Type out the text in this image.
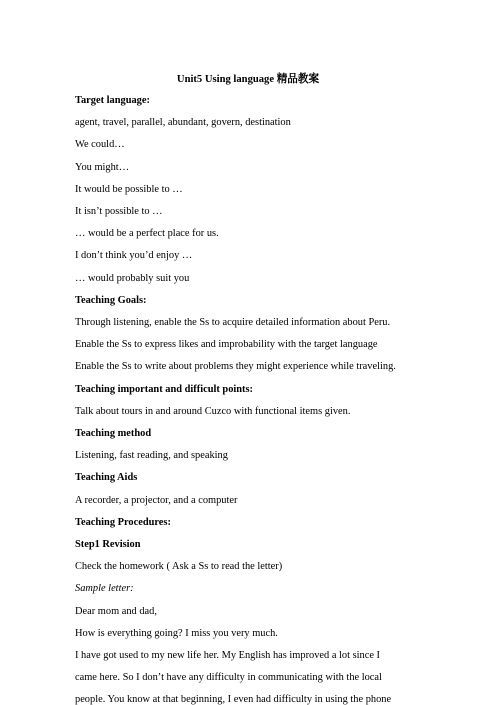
Unit5 Using language 精品教案
Target language:
agent, travel, parallel, abundant, govern, destination
We could…
You might…
It would be possible to …
It isn’t possible to …
… would be a perfect place for us.
I don’t think you’d enjoy …
… would probably suit you
Teaching Goals:
Through listening, enable the Ss to acquire detailed information about Peru.
Enable the Ss to express likes and improbability with the target language
Enable the Ss to write about problems they might experience while traveling.
Teaching important and difficult points:
Talk about tours in and around Cuzco with functional items given.
Teaching method
Listening, fast reading, and speaking
Teaching Aids
A recorder, a projector, and a computer
Teaching Procedures:
Step1 Revision
Check the homework ( Ask a Ss to read the letter)
Sample letter:
Dear mom and dad,
How is everything going? I miss you very much.
I have got used to my new life her. My English has improved a lot since I
came here. So I don’t have any difficulty in communicating with the local
people. You know at that beginning, I even had difficulty in using the phone
